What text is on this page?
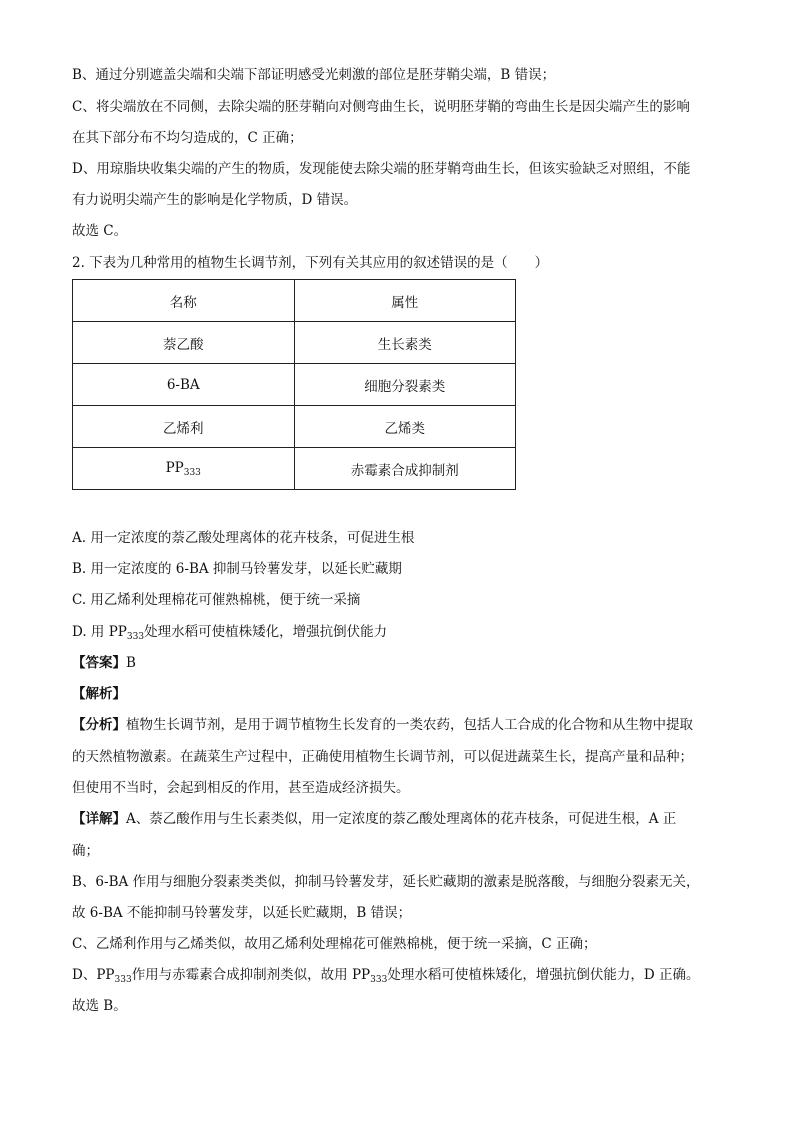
B、通过分别遮盖尖端和尖端下部证明感受光刺激的部位是胚芽鞘尖端，B 错误；
C、将尖端放在不同侧，去除尖端的胚芽鞘向对侧弯曲生长，说明胚芽鞘的弯曲生长是因尖端产生的影响
在其下部分布不均匀造成的，C 正确；
D、用琼脂块收集尖端的产生的物质，发现能使去除尖端的胚芽鞘弯曲生长，但该实验缺乏对照组，不能
有力说明尖端产生的影响是化学物质，D 错误。
故选 C。
2. 下表为几种常用的植物生长调节剂，下列有关其应用的叙述错误的是（　　）
名称	属性
萘乙酸	生长素类
6-BA	细胞分裂素类
乙烯利	乙烯类
$PP_{333}$	赤霉素合成抑制剂
A. 用一定浓度的萘乙酸处理离体的花卉枝条，可促进生根
B. 用一定浓度的 6-BA 抑制马铃薯发芽，以延长贮藏期
C. 用乙烯利处理棉花可催熟棉桃，便于统一采摘
D. 用 $PP_{333}$处理水稻可使植株矮化，增强抗倒伏能力
【答案】B
【解析】
【分析】植物生长调节剂，是用于调节植物生长发育的一类农药，包括人工合成的化合物和从生物中提取
的天然植物激素。在蔬菜生产过程中，正确使用植物生长调节剂，可以促进蔬菜生长，提高产量和品种；
但使用不当时，会起到相反的作用，甚至造成经济损失。
【详解】A、萘乙酸作用与生长素类似，用一定浓度的萘乙酸处理离体的花卉枝条，可促进生根，A 正
确；
B、6-BA 作用与细胞分裂素类类似，抑制马铃薯发芽，延长贮藏期的激素是脱落酸，与细胞分裂素无关，
故 6-BA 不能抑制马铃薯发芽，以延长贮藏期，B 错误；
C、乙烯利作用与乙烯类似，故用乙烯利处理棉花可催熟棉桃，便于统一采摘，C 正确；
D、$PP_{333}$作用与赤霉素合成抑制剂类似，故用 $PP_{333}$处理水稻可使植株矮化，增强抗倒伏能力，D 正确。
故选 B。
